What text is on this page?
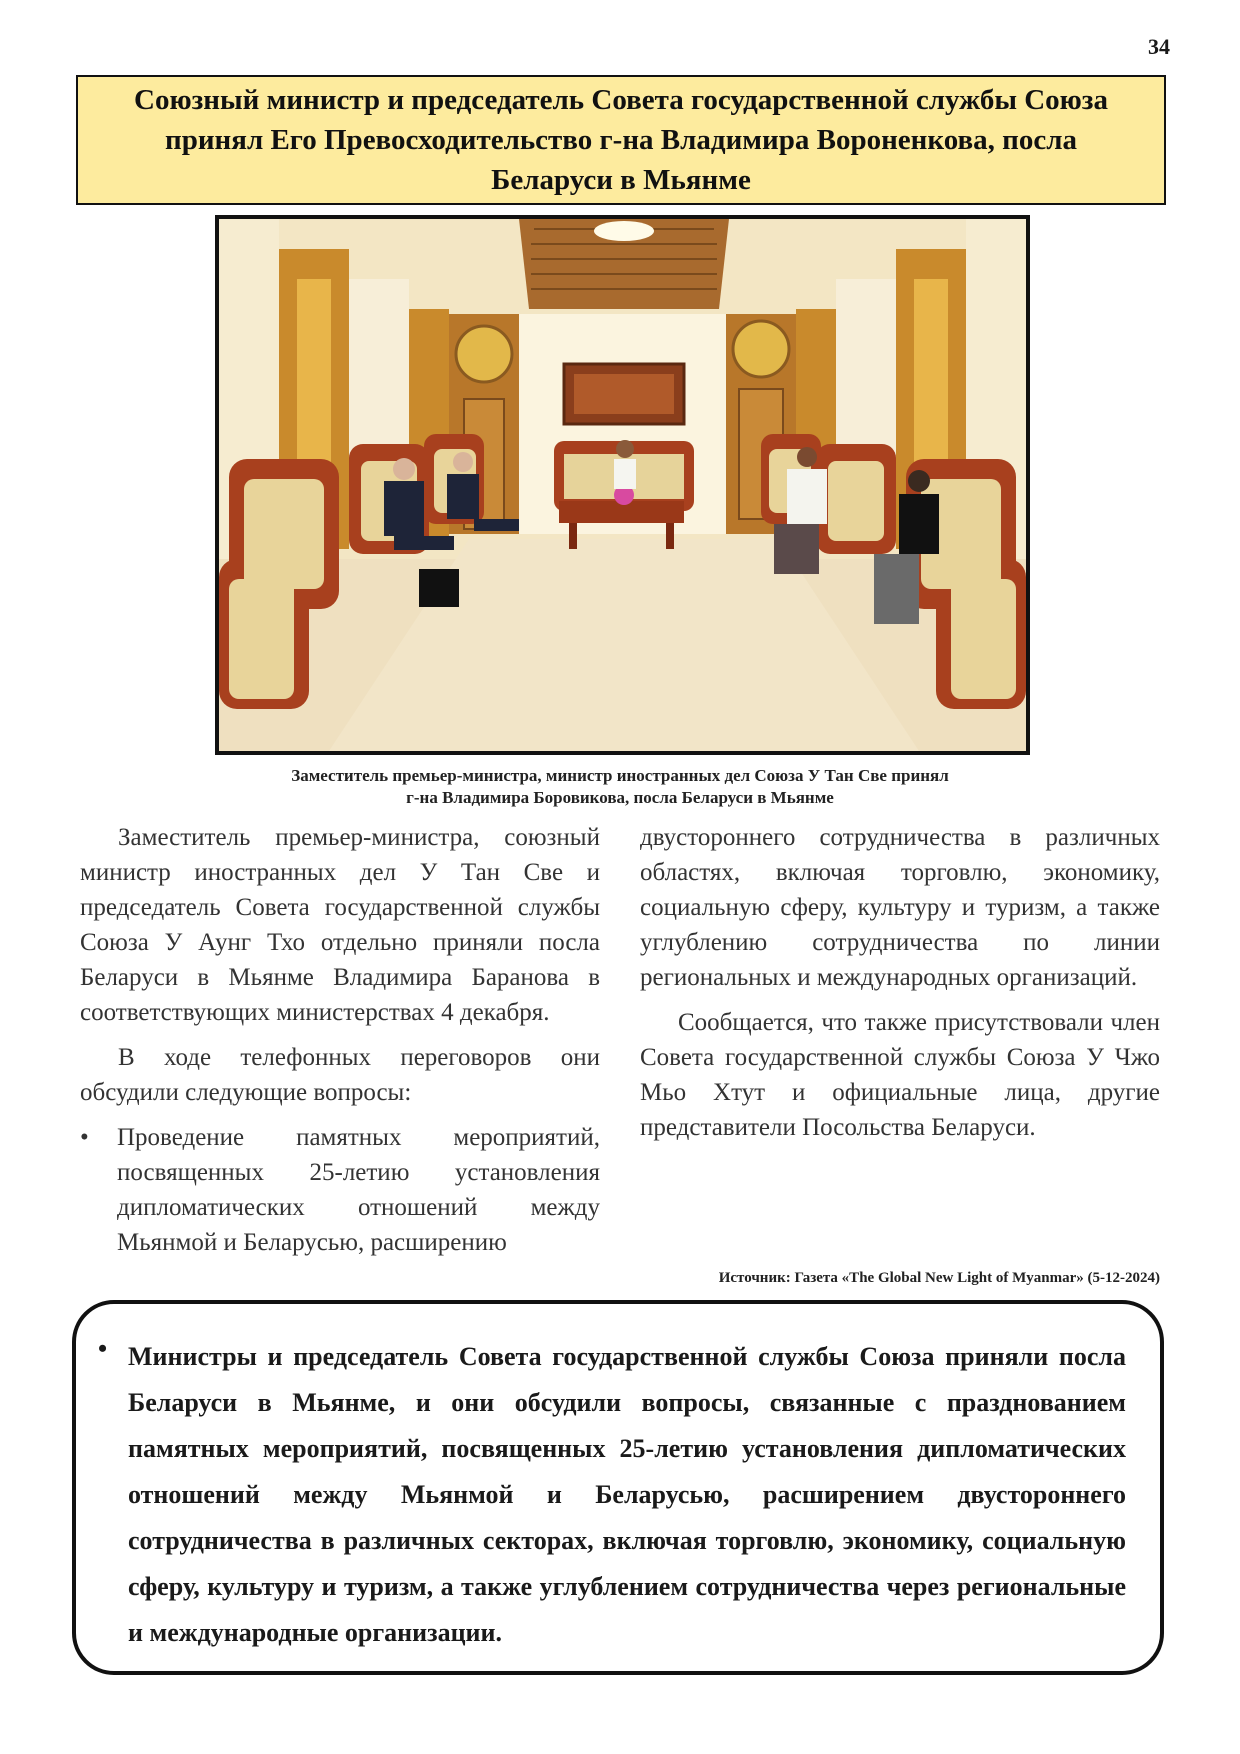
34
Союзный министр и председатель Совета государственной службы Союза принял Его Превосходительство г-на Владимира Вороненкова, посла Беларуси в Мьянме
Заместитель премьер-министра, министр иностранных дел Союза У Тан Све принял
г-на Владимира Боровикова, посла Беларуси в Мьянме

Заместитель премьер-министра, союзный министр иностранных дел У Тан Све и председатель Совета государственной службы Союза У Аунг Тхо отдельно приняли посла Беларуси в Мьянме Владимира Баранова в соответствующих министерствах 4 декабря.

В ходе телефонных переговоров они обсудили следующие вопросы:

• Проведение памятных мероприятий, посвященных 25-летию установления дипломатических отношений между Мьянмой и Беларусью, расширению

двустороннего сотрудничества в различных областях, включая торговлю, экономику, социальную сферу, культуру и туризм, а также углублению сотрудничества по линии региональных и международных организаций.

Сообщается, что также присутствовали член Совета государственной службы Союза У Чжо Мьо Хтут и официальные лица, другие представители Посольства Беларуси.

Источник: Газета «The Global New Light of Myanmar» (5-12-2024)
• Министры и председатель Совета государственной службы Союза приняли посла Беларуси в Мьянме, и они обсудили вопросы, связанные с празднованием памятных мероприятий, посвященных 25-летию установления дипломатических отношений между Мьянмой и Беларусью, расширением двустороннего сотрудничества в различных секторах, включая торговлю, экономику, социальную сферу, культуру и туризм, а также углублением сотрудничества через региональные и международные организации.
